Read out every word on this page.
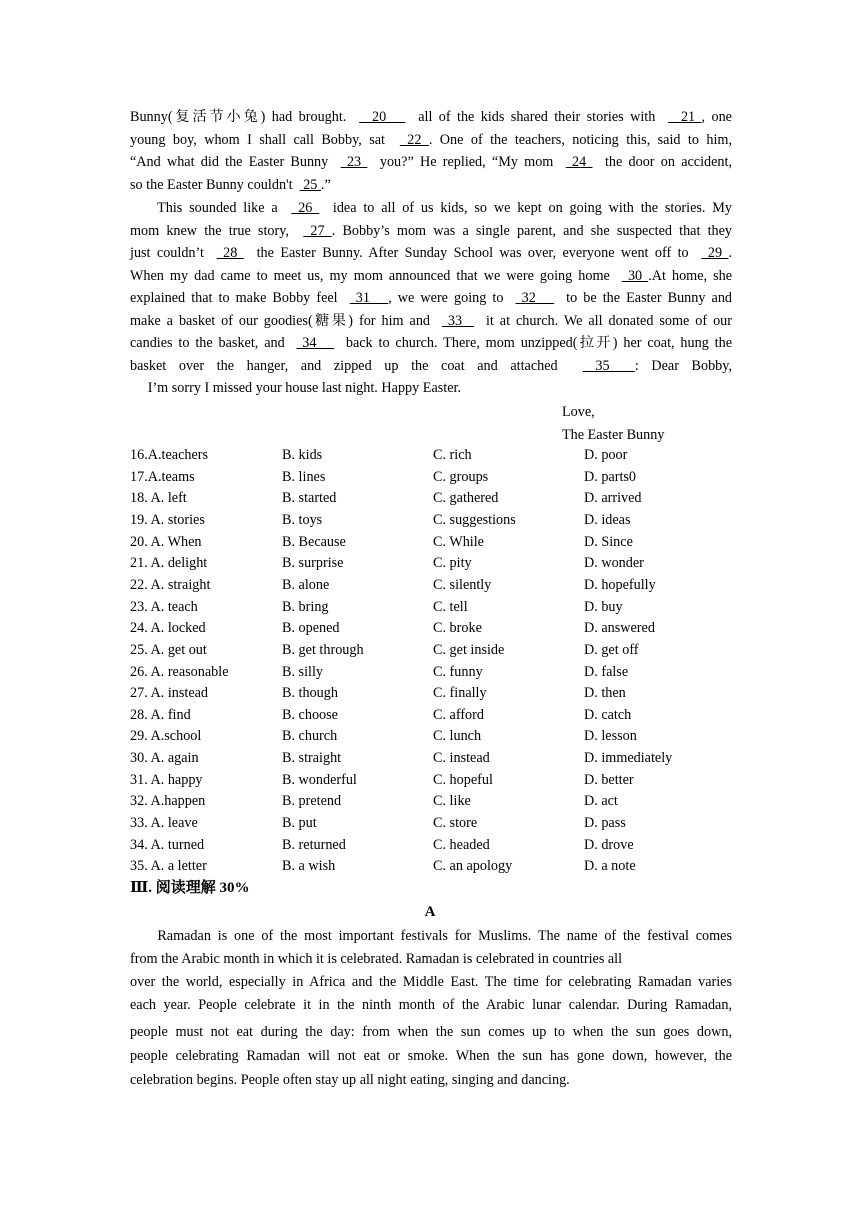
Bunny(复活节小兔) had brought.    20     all of the kids shared their stories with    21 , one
young boy, whom I shall call Bobby, sat   22 . One of the teachers, noticing this, said to him,
“And what did the Easter Bunny   23   you?” He replied, “My mom   24   the door on accident,
so the Easter Bunny couldn't   25 .”
This sounded like a   26   idea to all of us kids, so we kept on going with the stories. My
mom knew the true story,   27 . Bobby’s mom was a single parent, and she suspected that they
just couldn’t   28   the Easter Bunny. After Sunday School was over, everyone went off to   29 .
When my dad came to meet us, my mom announced that we were going home   30 .At home, she
explained that to make Bobby feel   31   , we were going to   32     to be the Easter Bunny and
make a basket of our goodies(糖果) for him and   33    it at church. We all donated some of our
candies to the basket, and   34     back to church. There, mom unzipped(拉开) her coat, hung the
basket over the hanger, and zipped up the coat and attached   35  : Dear Bobby,
I’m sorry I missed your house last night. Happy Easter.
Love,
The Easter Bunny
16.A.teachers	B. kids	C. rich	D. poor
17.A.teams	B. lines	C. groups	D. parts0
18. A. left	B. started	C. gathered	D. arrived
19. A. stories	B. toys	C. suggestions	D. ideas
20. A. When	B. Because	C. While	D. Since
21. A. delight	B. surprise	C. pity	D. wonder
22. A. straight	B. alone	C. silently	D. hopefully
23. A. teach	B. bring	C. tell	D. buy
24. A. locked	B. opened	C. broke	D. answered
25. A. get out	B. get through	C. get inside	D. get off
26. A. reasonable	B. silly	C. funny	D. false
27. A. instead	B. though	C. finally	D. then
28. A. find	B. choose	C. afford	D. catch
29. A.school	B. church	C. lunch	D. lesson
30. A. again	B. straight	C. instead	D. immediately
31. A. happy	B. wonderful	C. hopeful	D. better
32. A.happen	B. pretend	C. like	D. act
33. A. leave	B. put	C. store	D. pass
34. A. turned	B. returned	C. headed	D. drove
35. A. a letter	B. a wish	C. an apology	D. a note
Ⅲ. 阅读理解 30%
A
Ramadan is one of the most important festivals for Muslims. The name of the festival comes
from the Arabic month in which it is celebrated. Ramadan is celebrated in countries all
over the world, especially in Africa and the Middle East. The time for celebrating Ramadan varies
each year. People celebrate it in the ninth month of the Arabic lunar calendar. During Ramadan,
people must not eat during the day: from when the sun comes up to when the sun goes down,
people celebrating Ramadan will not eat or smoke. When the sun has gone down, however, the
celebration begins. People often stay up all night eating, singing and dancing.
